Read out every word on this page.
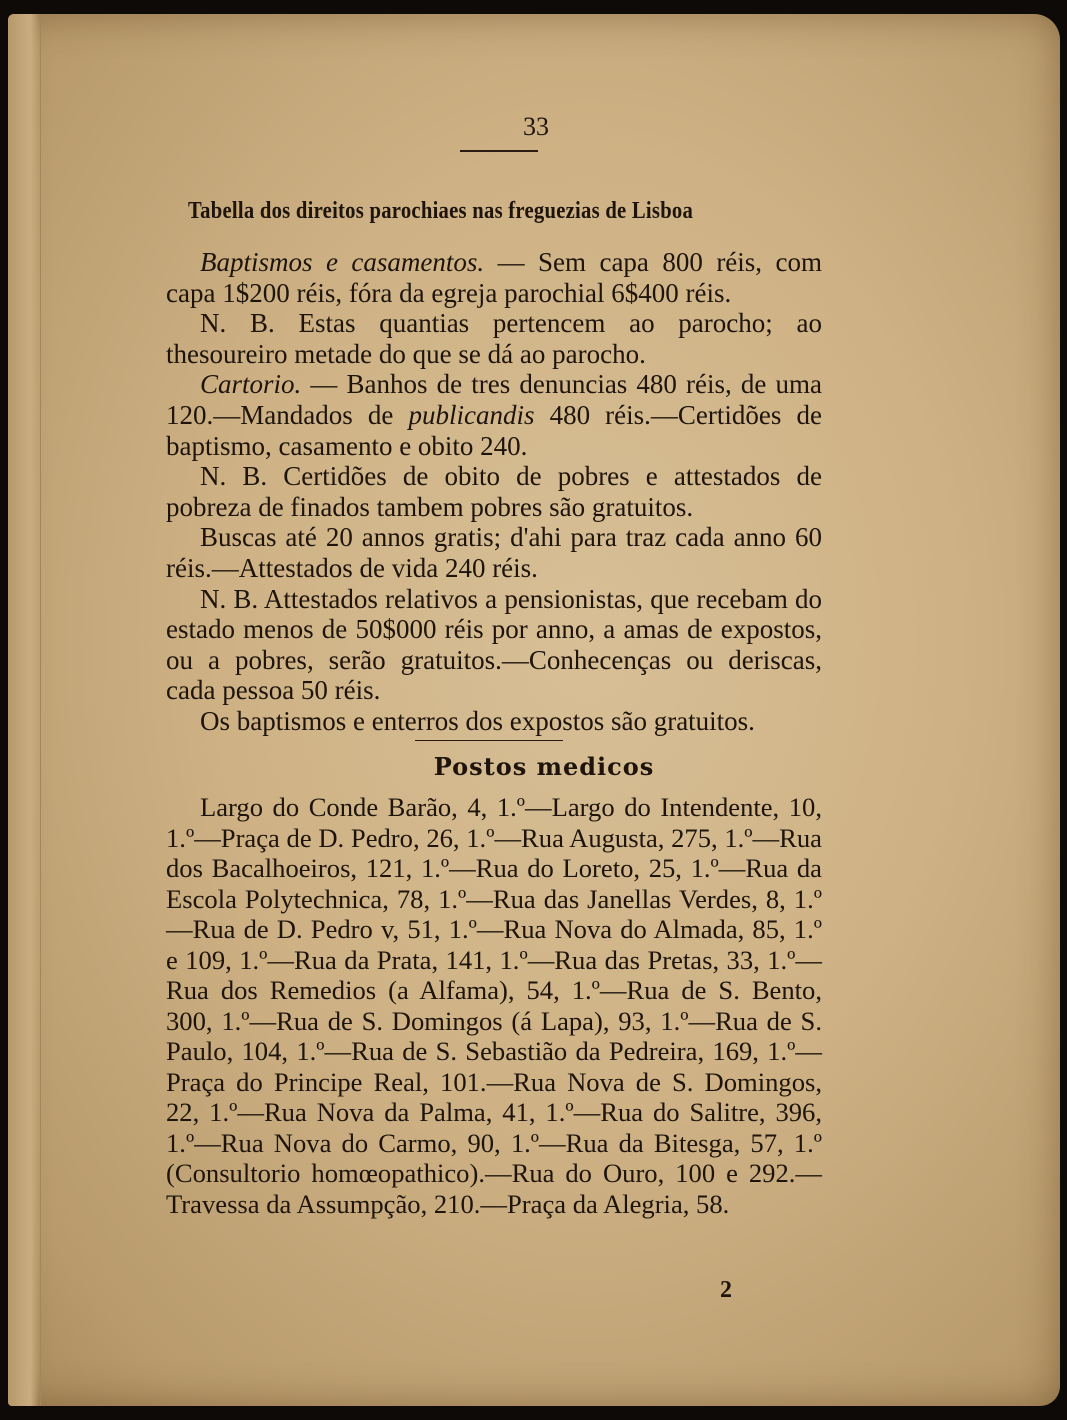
33
Tabella dos direitos parochiaes nas freguezias de Lisboa

Baptismos e casamentos. — Sem capa 800 réis, com capa 1$200 réis, fóra da egreja parochial 6$400 réis.

N. B. Estas quantias pertencem ao parocho; ao thesoureiro metade do que se dá ao parocho.

Cartorio. — Banhos de tres denuncias 480 réis, de uma 120.—Mandados de publicandis 480 réis.—Certidões de baptismo, casamento e obito 240.

N. B. Certidões de obito de pobres e attestados de pobreza de finados tambem pobres são gratuitos.

Buscas até 20 annos gratis; d'ahi para traz cada anno 60 réis.—Attestados de vida 240 réis.

N. B. Attestados relativos a pensionistas, que recebam do estado menos de 50$000 réis por anno, a amas de expostos, ou a pobres, serão gratuitos.—Conhecenças ou deriscas, cada pessoa 50 réis.

Os baptismos e enterros dos expostos são gratuitos.

Postos medicos

Largo do Conde Barão, 4, 1.º—Largo do Intendente, 10, 1.º—Praça de D. Pedro, 26, 1.º—Rua Augusta, 275, 1.º—Rua dos Bacalhoeiros, 121, 1.º—Rua do Loreto, 25, 1.º—Rua da Escola Polytechnica, 78, 1.º—Rua das Janellas Verdes, 8, 1.º—Rua de D. Pedro v, 51, 1.º—Rua Nova do Almada, 85, 1.º e 109, 1.º—Rua da Prata, 141, 1.º—Rua das Pretas, 33, 1.º—Rua dos Remedios (a Alfama), 54, 1.º—Rua de S. Bento, 300, 1.º—Rua de S. Domingos (á Lapa), 93, 1.º—Rua de S. Paulo, 104, 1.º—Rua de S. Sebastião da Pedreira, 169, 1.º—Praça do Principe Real, 101.—Rua Nova de S. Domingos, 22, 1.º—Rua Nova da Palma, 41, 1.º—Rua do Salitre, 396, 1.º—Rua Nova do Carmo, 90, 1.º—Rua da Bitesga, 57, 1.º (Consultorio homœopathico).—Rua do Ouro, 100 e 292.—Travessa da Assumpção, 210.—Praça da Alegria, 58.

2
